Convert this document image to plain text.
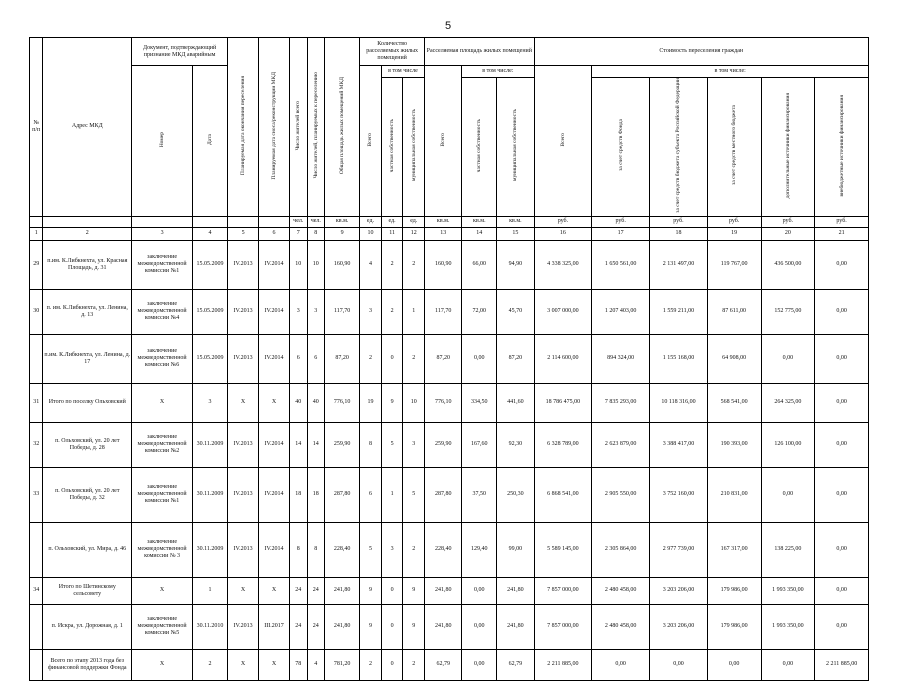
5
№ п/п	Адрес МКД	Документ, подтверждающий признание МКД аварийным		Планируемая дата окончания переселения	Планируемая дата сноса/реконструкции МКД	Число жителей всего	Число жителей, планируемых к переселению	Общая площадь жилых помещений МКД	Количество расселяемых жилых помещений			Расселяемая площадь жилых помещений			Стоимость переселения граждан					
		Номер	Дата						Всего	в том числе		Всего	в том числе:		Всего	в том числе:				
										частная собственность	муниципальная собственность		частная собственность	муниципальная собственность		за счет средств Фонда	за счет средств бюджета субъекта Российской Федерации	за счет средств местного бюджета	дополнительные источники финансирования	внебюджетные источники финансирования
						чел.	чел.	кв.м.	ед.	ед.	ед.	кв.м.	кв.м.	кв.м.	руб.	руб.	руб.	руб.	руб.	руб.
1	2	3	4	5	6	7	8	9	10	11	12	13	14	15	16	17	18	19	20	21
29	п.им. К.Либкнехта, ул. Красная Площадь, д. 31	заключение межведомственной комиссии №1	15.05.2009	IV.2013	IV.2014	10	10	160,90	4	2	2	160,90	66,00	94,90	4 338 325,00	1 650 561,00	2 131 497,00	119 767,00	436 500,00	0,00
30	п. им. К.Либкнехта, ул. Ленина, д. 13	заключение межведомственной комиссии №4	15.05.2009	IV.2013	IV.2014	3	3	117,70	3	2	1	117,70	72,00	45,70	3 007 000,00	1 207 403,00	1 559 211,00	87 611,00	152 775,00	0,00
	п.им. К.Либкнехта, ул. Ленина, д. 17	заключение межведомственной комиссии №6	15.05.2009	IV.2013	IV.2014	6	6	87,20	2	0	2	87,20	0,00	87,20	2 114 600,00	894 324,00	1 155 168,00	64 908,00	0,00	0,00
31	Итого по поселку Ольховский	X	3	X	X	40	40	776,10	19	9	10	776,10	334,50	441,60	18 786 475,00	7 835 293,00	10 118 316,00	568 541,00	264 325,00	0,00
32	п. Ольховский, ул. 20 лет Победы, д. 28	заключение межведомственной комиссии №2	30.11.2009	IV.2013	IV.2014	14	14	259,90	8	5	3	259,90	167,60	92,30	6 328 789,00	2 623 879,00	3 388 417,00	190 393,00	126 100,00	0,00
33	п. Ольховский, ул. 20 лет Победы, д. 32	заключение межведомственной комиссии №1	30.11.2009	IV.2013	IV.2014	18	18	287,80	6	1	5	287,80	37,50	250,30	6 868 541,00	2 905 550,00	3 752 160,00	210 831,00	0,00	0,00
	п. Ольховский, ул. Мира, д. 46	заключение межведомственной комиссии № 3	30.11.2009	IV.2013	IV.2014	8	8	228,40	5	3	2	228,40	129,40	99,00	5 589 145,00	2 305 864,00	2 977 739,00	167 317,00	138 225,00	0,00
34	Итого по Шетинскому сельсовету	X	1	X	X	24	24	241,80	9	0	9	241,80	0,00	241,80	7 857 000,00	2 480 458,00	3 203 206,00	179 986,00	1 993 350,00	0,00
	п. Искра, ул. Дорожная, д. 1	заключение межведомственной комиссии №5	30.11.2010	IV.2013	III.2017	24	24	241,80	9	0	9	241,80	0,00	241,80	7 857 000,00	2 480 458,00	3 203 206,00	179 986,00	1 993 350,00	0,00
	Всего по этапу 2013 года без финансовой поддержки Фонда	X	2	X	X	78	4	781,20	2	0	2	62,79	0,00	62,79	2 211 885,00	0,00	0,00	0,00	0,00	2 211 885,00
